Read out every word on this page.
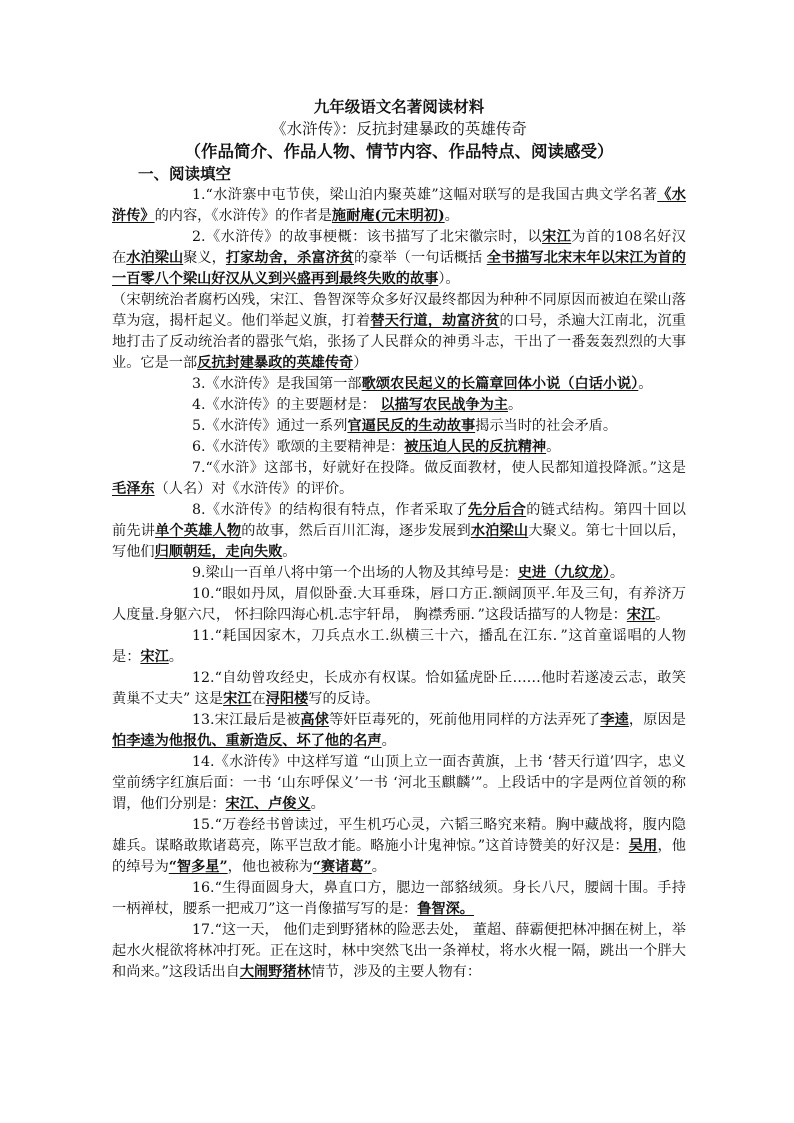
九年级语文名著阅读材料
《水浒传》：反抗封建暴政的英雄传奇
（作品简介、作品人物、情节内容、作品特点、阅读感受）
一、阅读填空

1.“水浒寨中屯节侠，梁山泊内聚英雄”这幅对联写的是我国古典文学名著《水浒传》的内容，《水浒传》的作者是施耐庵(元末明初)。

2.《水浒传》的故事梗概：该书描写了北宋徽宗时，以宋江为首的108名好汉在水泊梁山聚义，打家劫舍，杀富济贫的豪举（一句话概括 全书描写北宋末年以宋江为首的一百零八个梁山好汉从义到兴盛再到最终失败的故事）。

（宋朝统治者腐朽凶残，宋江、鲁智深等众多好汉最终都因为种种不同原因而被迫在梁山落草为寇，揭杆起义。他们举起义旗，打着替天行道，劫富济贫的口号，杀遍大江南北，沉重地打击了反动统治者的嚣张气焰，张扬了人民群众的神勇斗志，干出了一番轰轰烈烈的大事业。它是一部反抗封建暴政的英雄传奇）

3.《水浒传》是我国第一部歌颂农民起义的长篇章回体小说（白话小说）。

4.《水浒传》的主要题材是： 以描写农民战争为主。

5.《水浒传》通过一系列官逼民反的生动故事揭示当时的社会矛盾。

6.《水浒传》歌颂的主要精神是：被压迫人民的反抗精神。

7.“《水浒》这部书，好就好在投降。做反面教材，使人民都知道投降派。”这是毛泽东（人名）对《水浒传》的评价。

8.《水浒传》的结构很有特点，作者采取了先分后合的链式结构。第四十回以前先讲单个英雄人物的故事，然后百川汇海，逐步发展到水泊梁山大聚义。第七十回以后，写他们归顺朝廷，走向失败。

9.梁山一百单八将中第一个出场的人物及其绰号是：史进（九纹龙）。

10.“眼如丹凤，眉似卧蚕.大耳垂珠，唇口方正.额阔顶平.年及三旬，有养济万人度量.身躯六尺， 怀扫除四海心机.志宇轩昂， 胸襟秀丽．”这段话描写的人物是：宋江。

11.“耗国因家木，刀兵点水工.纵横三十六，播乱在江东．”这首童谣唱的人物是：宋江。

12.“自幼曾攻经史，长成亦有权谋。恰如猛虎卧丘……他时若遂凌云志，敢笑黄巢不丈夫” 这是宋江在浔阳楼写的反诗。

13.宋江最后是被高俅等奸臣毒死的，死前他用同样的方法弄死了李逵，原因是怕李逵为他报仇、重新造反、坏了他的名声。

14.《水浒传》中这样写道 “山顶上立一面杏黄旗，上书 ‘替天行道’四字，忠义堂前绣字红旗后面：一书 ‘山东呼保义’一书 ‘河北玉麒麟’”。上段话中的字是两位首领的称谓，他们分别是：宋江、卢俊义。

15.“万卷经书曾读过，平生机巧心灵，六韬三略究来精。胸中藏战将，腹内隐雄兵。谋略敢欺诸葛亮，陈平岂敌才能。略施小计鬼神惊。”这首诗赞美的好汉是：吴用，他的绰号为“智多星”，他也被称为“赛诸葛”。

16.“生得面圆身大，鼻直口方，腮边一部貉绒须。身长八尺，腰阔十围。手持一柄禅杖，腰系一把戒刀”这一肖像描写写的是：鲁智深。

17.“这一天， 他们走到野猪林的险恶去处， 董超、薛霸便把林冲捆在树上，举起水火棍欲将林冲打死。正在这时，林中突然飞出一条禅杖，将水火棍一隔，跳出一个胖大和尚来。”这段话出自大闹野猪林情节，涉及的主要人物有：
